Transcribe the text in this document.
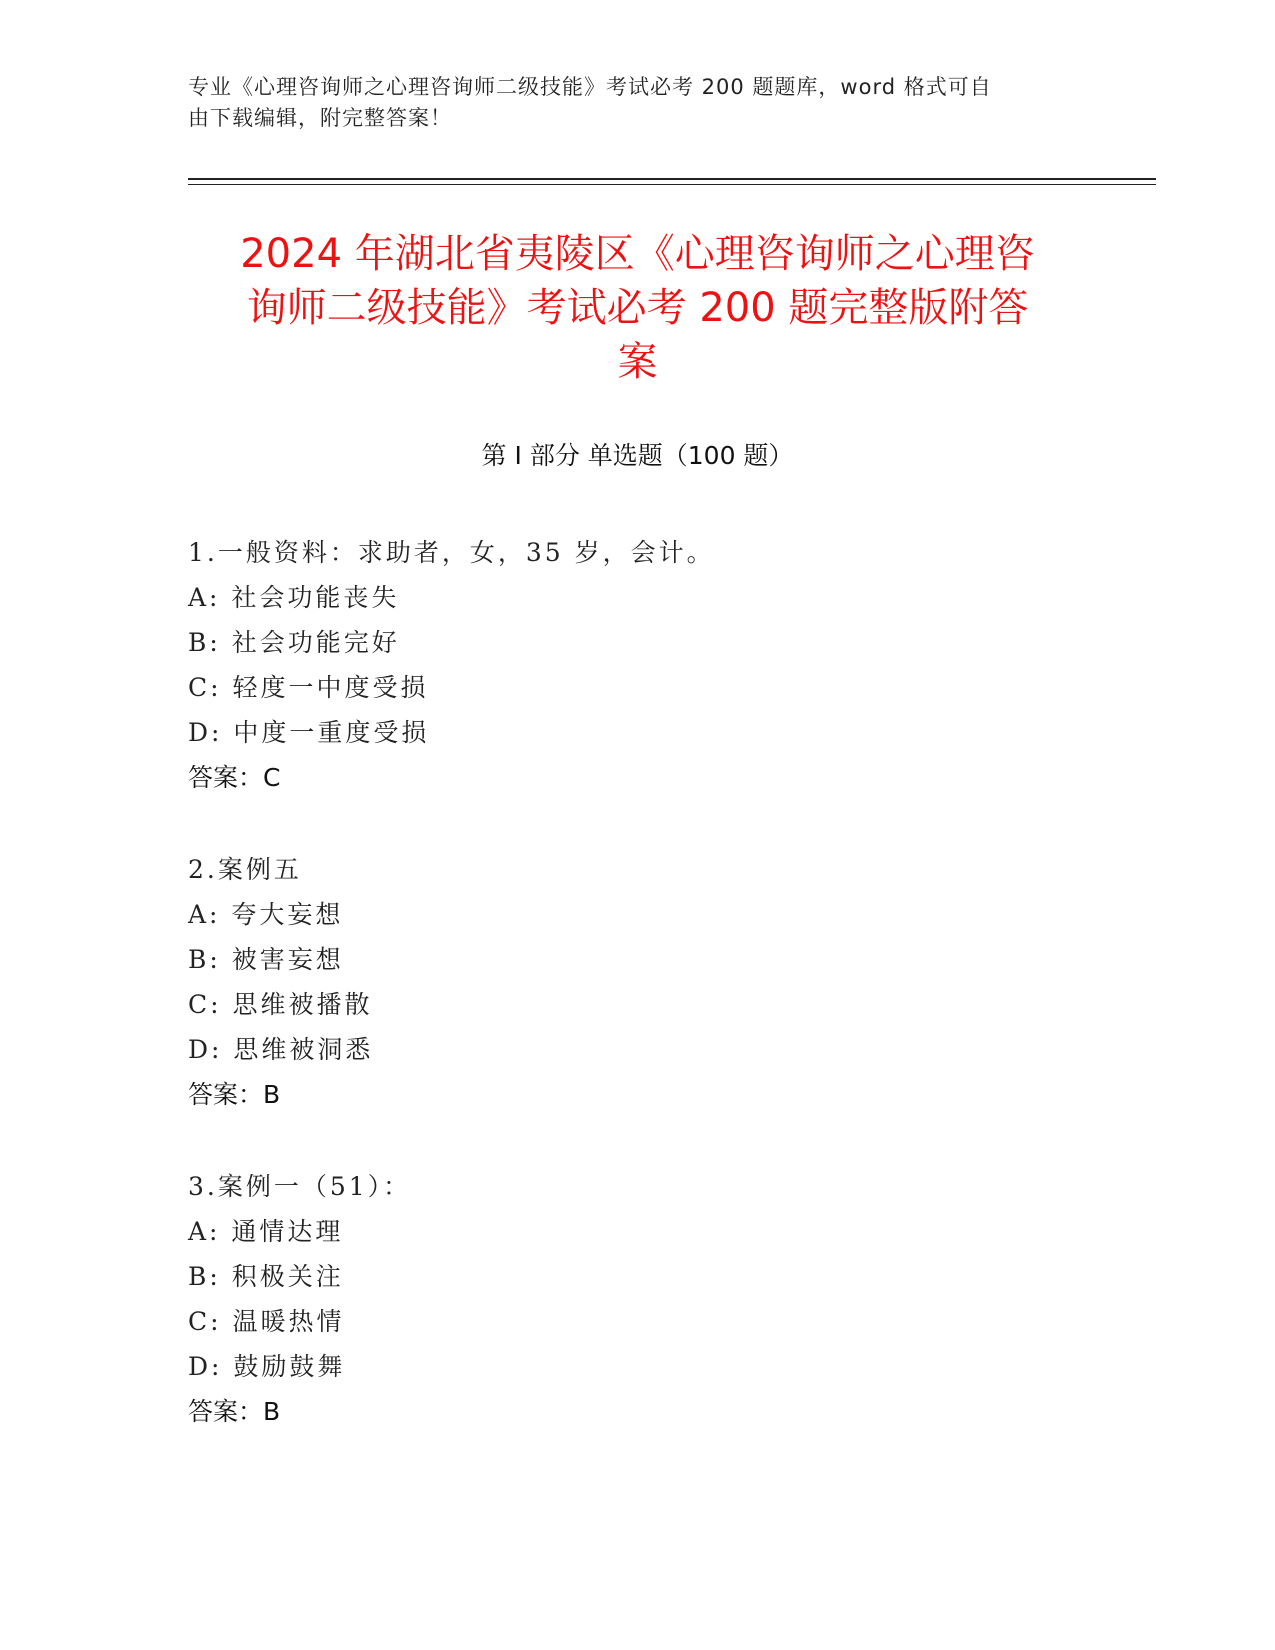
专业《心理咨询师之心理咨询师二级技能》考试必考 200 题题库，word 格式可自
由下载编辑，附完整答案！
2024 年湖北省夷陵区《心理咨询师之心理咨
询师二级技能》考试必考 200 题完整版附答
案
第 I 部分 单选题（100 题）
1.一般资料：求助者，女，35 岁，会计。
A: 社会功能丧失
B: 社会功能完好
C: 轻度一中度受损
D: 中度一重度受损
答案：C
2.案例五
A: 夸大妄想
B: 被害妄想
C: 思维被播散
D: 思维被洞悉
答案：B
3.案例一（51）：
A: 通情达理
B: 积极关注
C: 温暖热情
D: 鼓励鼓舞
答案：B
